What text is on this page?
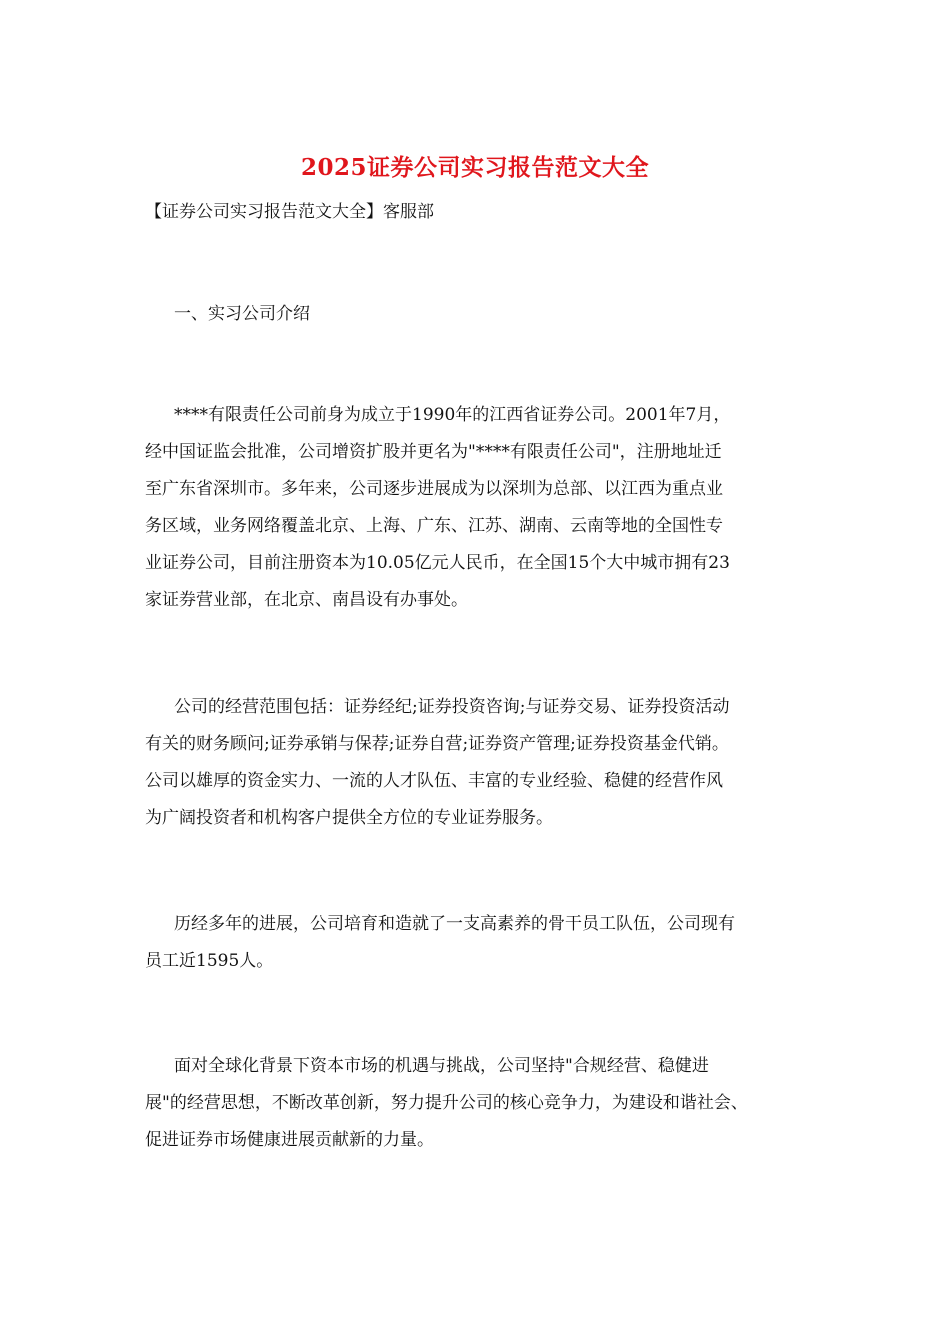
2025证券公司实习报告范文大全
【证券公司实习报告范文大全】客服部
一、实习公司介绍
****有限责任公司前身为成立于1990年的江西省证券公司。2001年7月，
经中国证监会批准，公司增资扩股并更名为"****有限责任公司"，注册地址迁
至广东省深圳市。多年来，公司逐步进展成为以深圳为总部、以江西为重点业
务区域，业务网络覆盖北京、上海、广东、江苏、湖南、云南等地的全国性专
业证券公司，目前注册资本为10.05亿元人民币，在全国15个大中城市拥有23
家证券营业部，在北京、南昌设有办事处。
公司的经营范围包括：证券经纪;证券投资咨询;与证券交易、证券投资活动
有关的财务顾问;证券承销与保荐;证券自营;证券资产管理;证券投资基金代销。
公司以雄厚的资金实力、一流的人才队伍、丰富的专业经验、稳健的经营作风
为广阔投资者和机构客户提供全方位的专业证券服务。
历经多年的进展，公司培育和造就了一支高素养的骨干员工队伍，公司现有
员工近1595人。
面对全球化背景下资本市场的机遇与挑战，公司坚持"合规经营、稳健进
展"的经营思想，不断改革创新，努力提升公司的核心竞争力，为建设和谐社会、
促进证券市场健康进展贡献新的力量。
